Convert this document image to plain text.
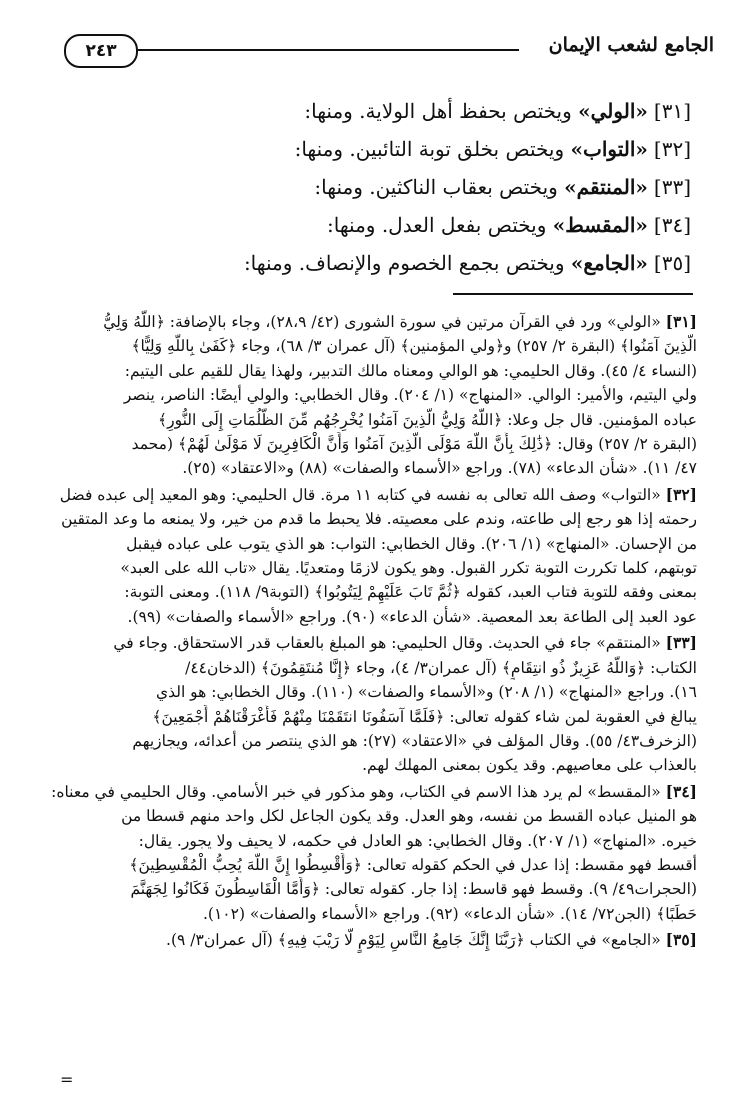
٢٤٣	الجامع لشعب الإيمان
[٣١]«الولي» ويختص بحفظ أهل الولاية. ومنها:
[٣٢]«التواب» ويختص بخلق توبة التائبين. ومنها:
[٣٣]«المنتقم» ويختص بعقاب الناكثين. ومنها:
[٣٤]«المقسط» ويختص بفعل العدل. ومنها:
[٣٥]«الجامع» ويختص بجمع الخصوم والإنصاف. ومنها:
[٣١] «الولي» ورد في القرآن مرتين في سورة الشورى (٤٢/ ٢٨،٩)، وجاء بالإضافة: ﴿اللَّهُ وَلِيُّ
الَّذِينَ آمَنُوا﴾ (البقرة ٢/ ٢٥٧) و﴿ولي المؤمنين﴾ (آل عمران ٣/ ٦٨)، وجاء ﴿كَفَىٰ بِاللَّهِ وَلِيًّا﴾
(النساء ٤/ ٤٥). وقال الحليمي: هو الوالي ومعناه مالك التدبير، ولهذا يقال للقيم على اليتيم:
ولي اليتيم، والأمير: الوالي. «المنهاج» (١/ ٢٠٤). وقال الخطابي: والولي أيضًا: الناصر، ينصر
عباده المؤمنين. قال جل وعلا: ﴿اللَّهُ وَلِيُّ الَّذِينَ آمَنُوا يُخْرِجُهُم مِّنَ الظُّلُمَاتِ إِلَى النُّورِ﴾
(البقرة ٢/ ٢٥٧) وقال: ﴿ذَٰلِكَ بِأَنَّ اللَّهَ مَوْلَى الَّذِينَ آمَنُوا وَأَنَّ الْكَافِرِينَ لَا مَوْلَىٰ لَهُمْ﴾ (محمد
٤٧/ ١١). «شأن الدعاء» (٧٨). وراجع «الأسماء والصفات» (٨٨) و«الاعتقاد» (٢٥).
[٣٢] «التواب» وصف الله تعالى به نفسه في كتابه ١١ مرة. قال الحليمي: وهو المعيد إلى عبده فضل
رحمته إذا هو رجع إلى طاعته، وندم على معصيته. فلا يحبط ما قدم من خير، ولا يمنعه ما وعد المتقين
من الإحسان. «المنهاج» (١/ ٢٠٦). وقال الخطابي: التواب: هو الذي يتوب على عباده فيقبل
توبتهم، كلما تكررت التوبة تكرر القبول. وهو يكون لازمًا ومتعديًا. يقال «تاب الله على العبد»
بمعنى وفقه للتوبة فتاب العبد، كقوله ﴿ثُمَّ تَابَ عَلَيْهِمْ لِيَتُوبُوا﴾ (التوبة٩/ ١١٨). ومعنى التوبة:
عود العبد إلى الطاعة بعد المعصية. «شأن الدعاء» (٩٠). وراجع «الأسماء والصفات» (٩٩).
[٣٣] «المنتقم» جاء في الحديث. وقال الحليمي: هو المبلغ بالعقاب قدر الاستحقاق. وجاء في
الكتاب: ﴿وَاللَّهُ عَزِيزٌ ذُو انتِقَامٍ﴾ (آل عمران٣/ ٤)، وجاء ﴿إِنَّا مُنتَقِمُونَ﴾ (الدخان٤٤/
١٦). وراجع «المنهاج» (١/ ٢٠٨) و«الأسماء والصفات» (١١٠). وقال الخطابي: هو الذي
يبالغ في العقوبة لمن شاء كقوله تعالى: ﴿فَلَمَّا آسَفُونَا انتَقَمْنَا مِنْهُمْ فَأَغْرَقْنَاهُمْ أَجْمَعِينَ﴾
(الزخرف٤٣/ ٥٥). وقال المؤلف في «الاعتقاد» (٢٧): هو الذي ينتصر من أعدائه، ويجازيهم
بالعذاب على معاصيهم. وقد يكون بمعنى المهلك لهم.
[٣٤] «المقسط» لم يرد هذا الاسم في الكتاب، وهو مذكور في خبر الأسامي. وقال الحليمي في معناه:
هو المنيل عباده القسط من نفسه، وهو العدل. وقد يكون الجاعل لكل واحد منهم قسطا من
خيره. «المنهاج» (١/ ٢٠٧). وقال الخطابي: هو العادل في حكمه، لا يحيف ولا يجور. يقال:
أقسط فهو مقسط: إذا عدل في الحكم كقوله تعالى: ﴿وَأَقْسِطُوا إِنَّ اللَّهَ يُحِبُّ الْمُقْسِطِينَ﴾
(الحجرات٤٩/ ٩). وقسط فهو قاسط: إذا جار. كقوله تعالى: ﴿وَأَمَّا الْقَاسِطُونَ فَكَانُوا لِجَهَنَّمَ
حَطَبًا﴾ (الجن٧٢/ ١٤). «شأن الدعاء» (٩٢). وراجع «الأسماء والصفات» (١٠٢).
[٣٥] «الجامع» في الكتاب ﴿رَبَّنَا إِنَّكَ جَامِعُ النَّاسِ لِيَوْمٍ لَّا رَيْبَ فِيهِ﴾ (آل عمران٣/ ٩).
=
